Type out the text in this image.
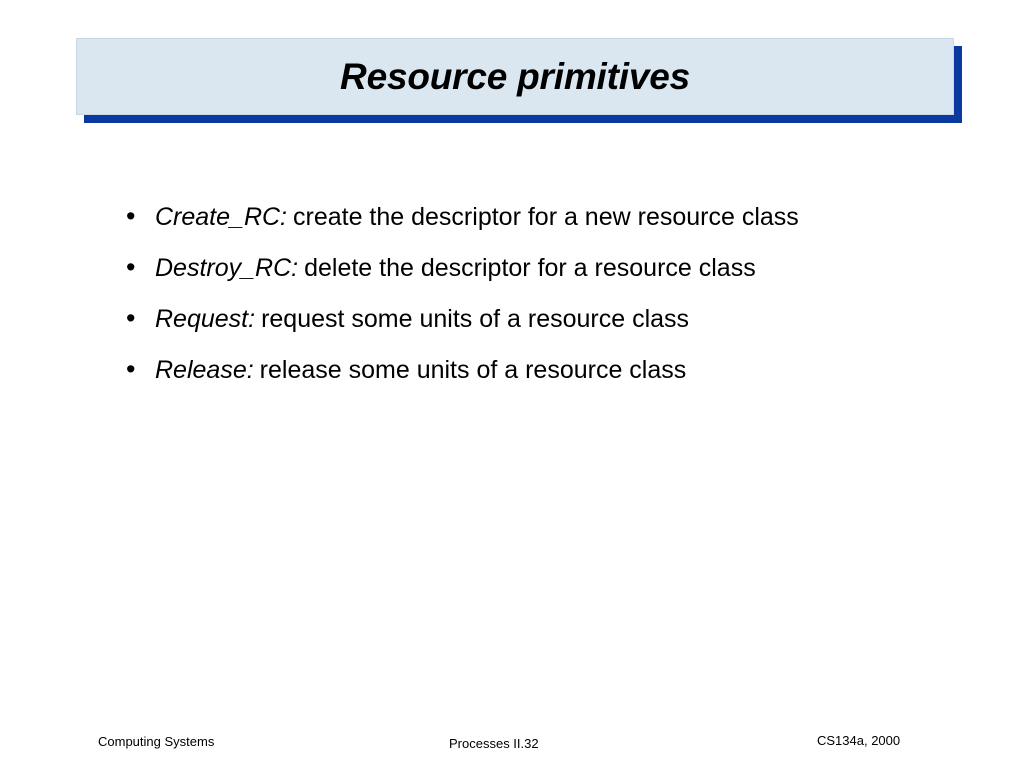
Resource primitives
• Create_RC: create the descriptor for a new resource class
• Destroy_RC: delete the descriptor for a resource class
• Request: request some units of a resource class
• Release: release some units of a resource class
Computing Systems	Processes II.32	CS134a, 2000
